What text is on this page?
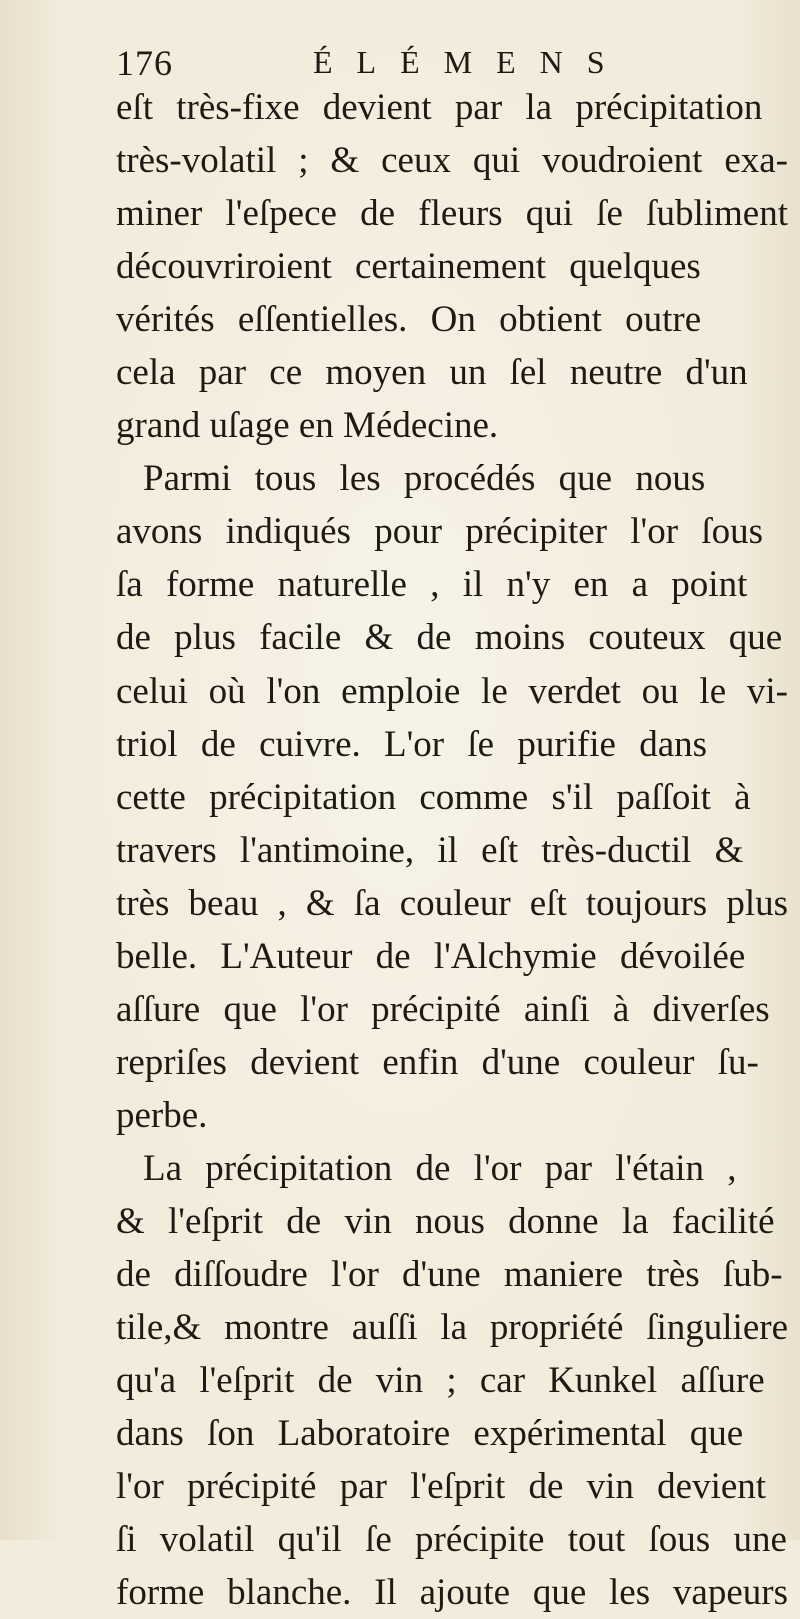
176	ÉLÉMENS
eſt très-fixe devient par la précipitation
très-volatil ; & ceux qui voudroient exa-
miner l'eſpece de fleurs qui ſe ſubliment
découvriroient certainement quelques
vérités eſſentielles. On obtient outre
cela par ce moyen un ſel neutre d'un
grand uſage en Médecine.
Parmi tous les procédés que nous
avons indiqués pour précipiter l'or ſous
ſa forme naturelle , il n'y en a point
de plus facile & de moins couteux que
celui où l'on emploie le verdet ou le vi-
triol de cuivre. L'or ſe purifie dans
cette précipitation comme s'il paſſoit à
travers l'antimoine, il eſt très-ductil &
très beau , & ſa couleur eſt toujours plus
belle. L'Auteur de l'Alchymie dévoilée
aſſure que l'or précipité ainſi à diverſes
repriſes devient enfin d'une couleur ſu-
perbe.
La précipitation de l'or par l'étain ,
& l'eſprit de vin nous donne la facilité
de diſſoudre l'or d'une maniere très ſub-
tile,& montre auſſi la propriété ſinguliere
qu'a l'eſprit de vin ; car Kunkel aſſure
dans ſon Laboratoire expérimental que
l'or précipité par l'eſprit de vin devient
ſi volatil qu'il ſe précipite tout ſous une
forme blanche. Il ajoute que les vapeurs
